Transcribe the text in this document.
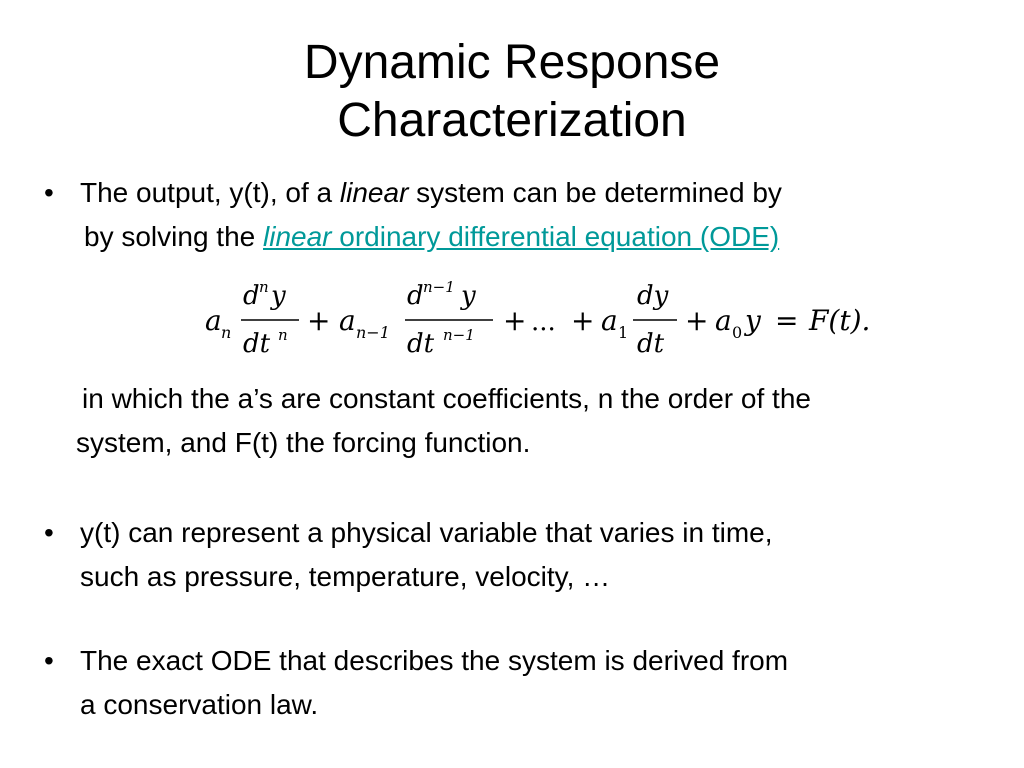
Dynamic Response
Characterization
• The output, y(t), of a linear system can be determined by
by solving the linear ordinary differential equation (ODE)
a n
d n y
dt n + a n−1
d n−1 y
dt n−1 + ... + a 1
dy
dt
+ a 0 y = F(t).
in which the a’s are constant coefficients, n the order of the
system, and F(t) the forcing function.
• y(t) can represent a physical variable that varies in time,
such as pressure, temperature, velocity, …
• The exact ODE that describes the system is derived from
a conservation law.
